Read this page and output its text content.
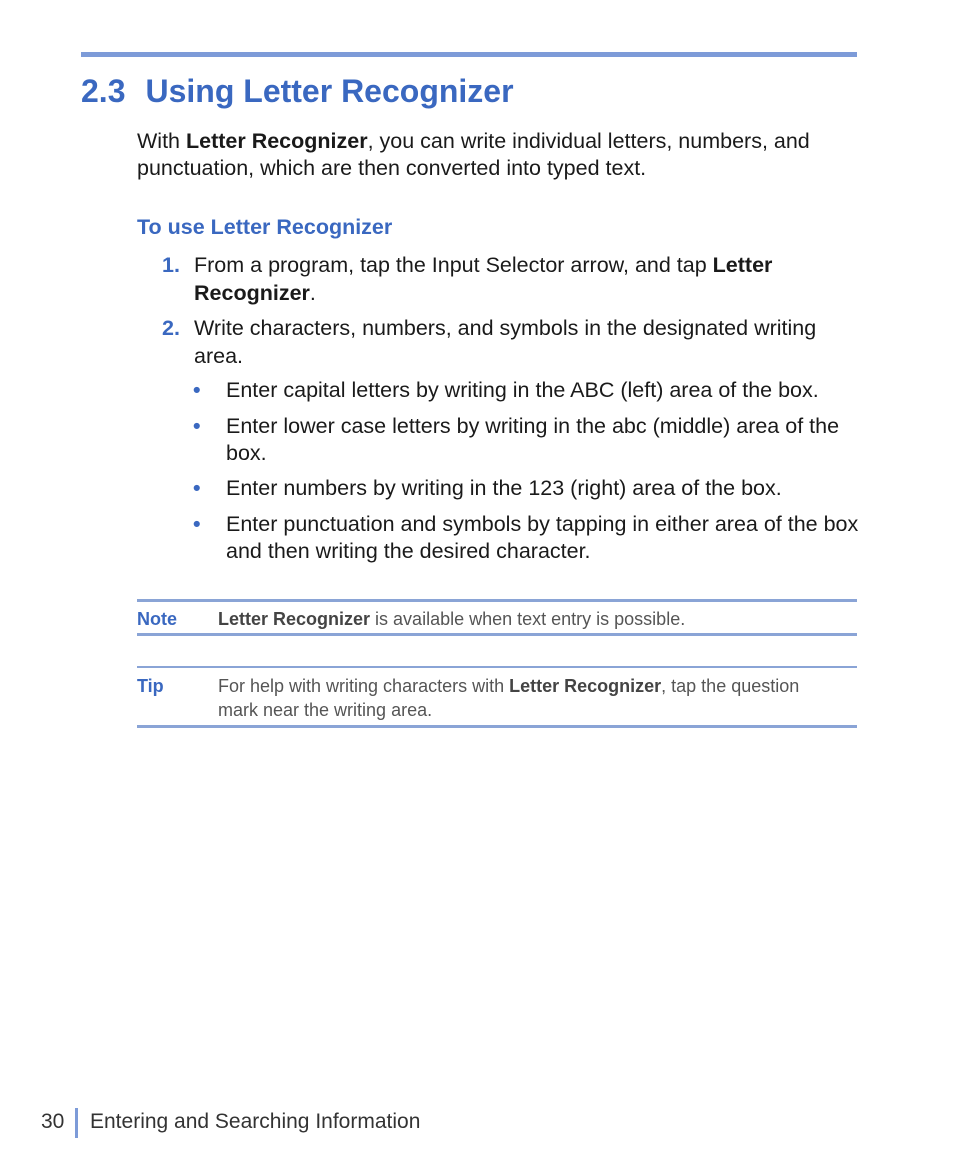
2.3 Using Letter Recognizer
With Letter Recognizer, you can write individual letters, numbers, and punctuation, which are then converted into typed text.
To use Letter Recognizer
1. From a program, tap the Input Selector arrow, and tap Letter Recognizer.
2. Write characters, numbers, and symbols in the designated writing area.
• Enter capital letters by writing in the ABC (left) area of the box.
• Enter lower case letters by writing in the abc (middle) area of the box.
• Enter numbers by writing in the 123 (right) area of the box.
• Enter punctuation and symbols by tapping in either area of the box and then writing the desired character.
Note Letter Recognizer is available when text entry is possible.
Tip	For help with writing characters with Letter Recognizer, tap the question mark near the writing area.
30 Entering and Searching Information
